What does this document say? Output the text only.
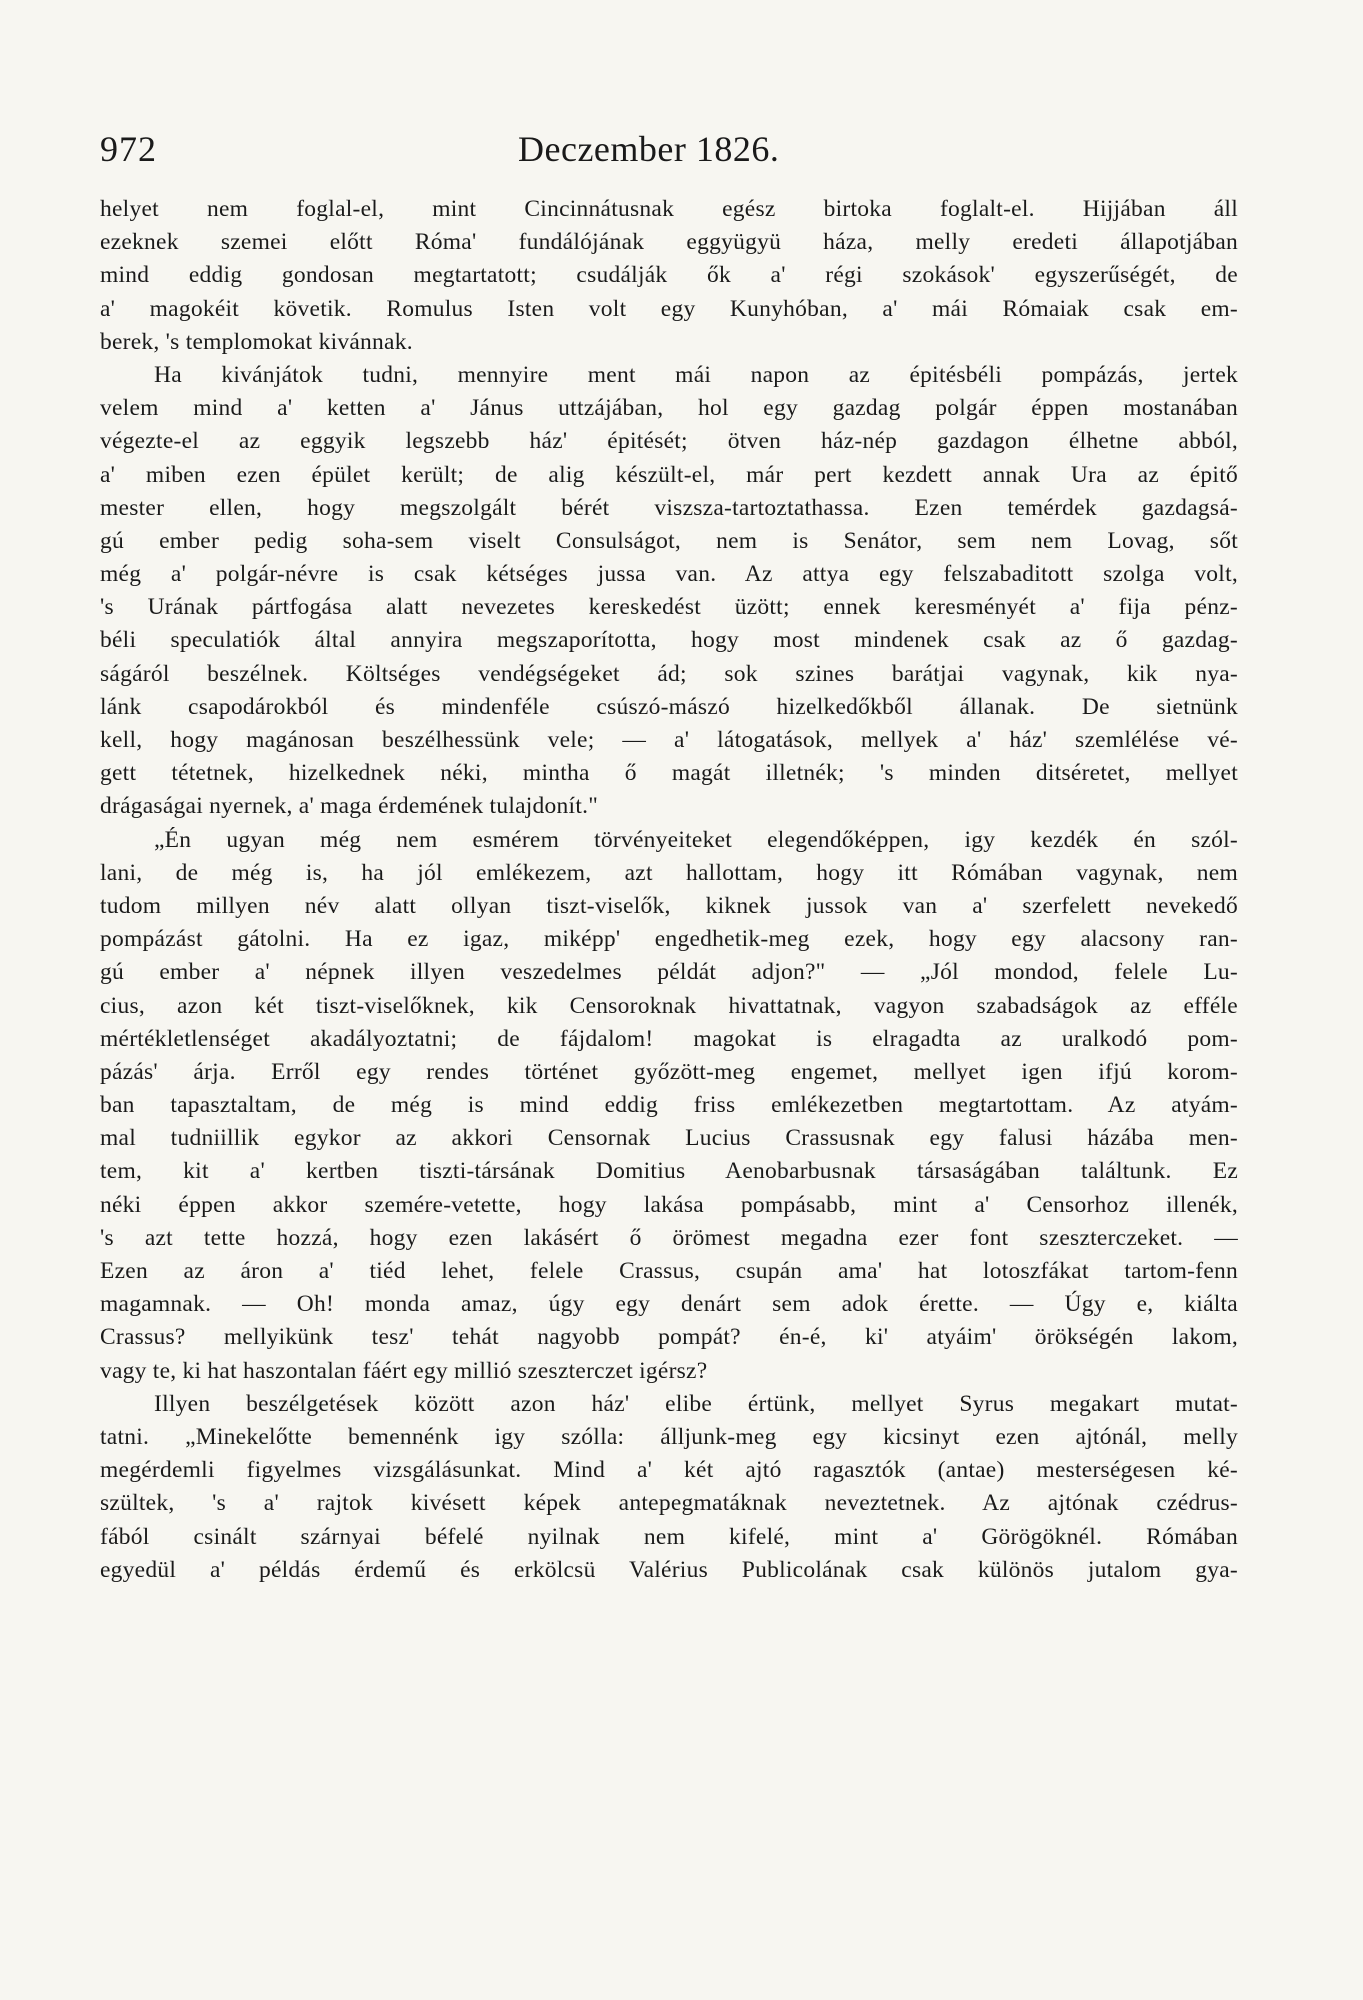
972	Deczember 1826.
helyet nem foglal-el, mint Cincinnátusnak egész birtoka foglalt-el. Hijjában áll
ezeknek szemei előtt Róma' fundálójának eggyügyü háza, melly eredeti állapotjában
mind eddig gondosan megtartatott; csudálják ők a' régi szokások' egyszerűségét, de
a' magokéit követik. Romulus Isten volt egy Kunyhóban, a' mái Rómaiak csak em-
berek, 's templomokat kivánnak.
Ha kivánjátok tudni, mennyire ment mái napon az épitésbéli pompázás, jertek
velem mind a' ketten a' Jánus uttzájában, hol egy gazdag polgár éppen mostanában
végezte-el az eggyik legszebb ház' épitését; ötven ház-nép gazdagon élhetne abból,
a' miben ezen épület került; de alig készült-el, már pert kezdett annak Ura az épitő
mester ellen, hogy megszolgált bérét viszsza-tartoztathassa. Ezen temérdek gazdagsá-
gú ember pedig soha-sem viselt Consulságot, nem is Senátor, sem nem Lovag, sőt
még a' polgár-névre is csak kétséges jussa van. Az attya egy felszabaditott szolga volt,
's Urának pártfogása alatt nevezetes kereskedést üzött; ennek keresményét a' fija pénz-
béli speculatiók által annyira megszaporította, hogy most mindenek csak az ő gazdag-
ságáról beszélnek. Költséges vendégségeket ád; sok szines barátjai vagynak, kik nya-
lánk csapodárokból és mindenféle csúszó-mászó hizelkedőkből állanak. De sietnünk
kell, hogy magánosan beszélhessünk vele; — a' látogatások, mellyek a' ház' szemlélése vé-
gett tétetnek, hizelkednek néki, mintha ő magát illetnék; 's minden ditséretet, mellyet
drágaságai nyernek, a' maga érdemének tulajdonít."
„Én ugyan még nem esmérem törvényeiteket elegendőképpen, igy kezdék én szól-
lani, de még is, ha jól emlékezem, azt hallottam, hogy itt Rómában vagynak, nem
tudom millyen név alatt ollyan tiszt-viselők, kiknek jussok van a' szerfelett nevekedő
pompázást gátolni. Ha ez igaz, miképp' engedhetik-meg ezek, hogy egy alacsony ran-
gú ember a' népnek illyen veszedelmes példát adjon?" — „Jól mondod, felele Lu-
cius, azon két tiszt-viselőknek, kik Censoroknak hivattatnak, vagyon szabadságok az efféle
mértékletlenséget akadályoztatni; de fájdalom! magokat is elragadta az uralkodó pom-
pázás' árja. Erről egy rendes történet győzött-meg engemet, mellyet igen ifjú korom-
ban tapasztaltam, de még is mind eddig friss emlékezetben megtartottam. Az atyám-
mal tudniillik egykor az akkori Censornak Lucius Crassusnak egy falusi házába men-
tem, kit a' kertben tiszti-társának Domitius Aenobarbusnak társaságában találtunk. Ez
néki éppen akkor szemére-vetette, hogy lakása pompásabb, mint a' Censorhoz illenék,
's azt tette hozzá, hogy ezen lakásért ő örömest megadna ezer font szeszterczeket. —
Ezen az áron a' tiéd lehet, felele Crassus, csupán ama' hat lotoszfákat tartom-fenn
magamnak. — Oh! monda amaz, úgy egy denárt sem adok érette. — Úgy e, kiálta
Crassus? mellyikünk tesz' tehát nagyobb pompát? én-é, ki' atyáim' örökségén lakom,
vagy te, ki hat haszontalan fáért egy millió szeszterczet igérsz?
Illyen beszélgetések között azon ház' elibe értünk, mellyet Syrus megakart mutat-
tatni. „Minekelőtte bemennénk igy szólla: álljunk-meg egy kicsinyt ezen ajtónál, melly
megérdemli figyelmes vizsgálásunkat. Mind a' két ajtó ragasztók (antae) mesterségesen ké-
szültek, 's a' rajtok kivésett képek antepegmatáknak neveztetnek. Az ajtónak czédrus-
fából csinált szárnyai béfelé nyilnak nem kifelé, mint a' Görögöknél. Rómában
egyedül a' példás érdemű és erkölcsü Valérius Publicolának csak különös jutalom gya-
